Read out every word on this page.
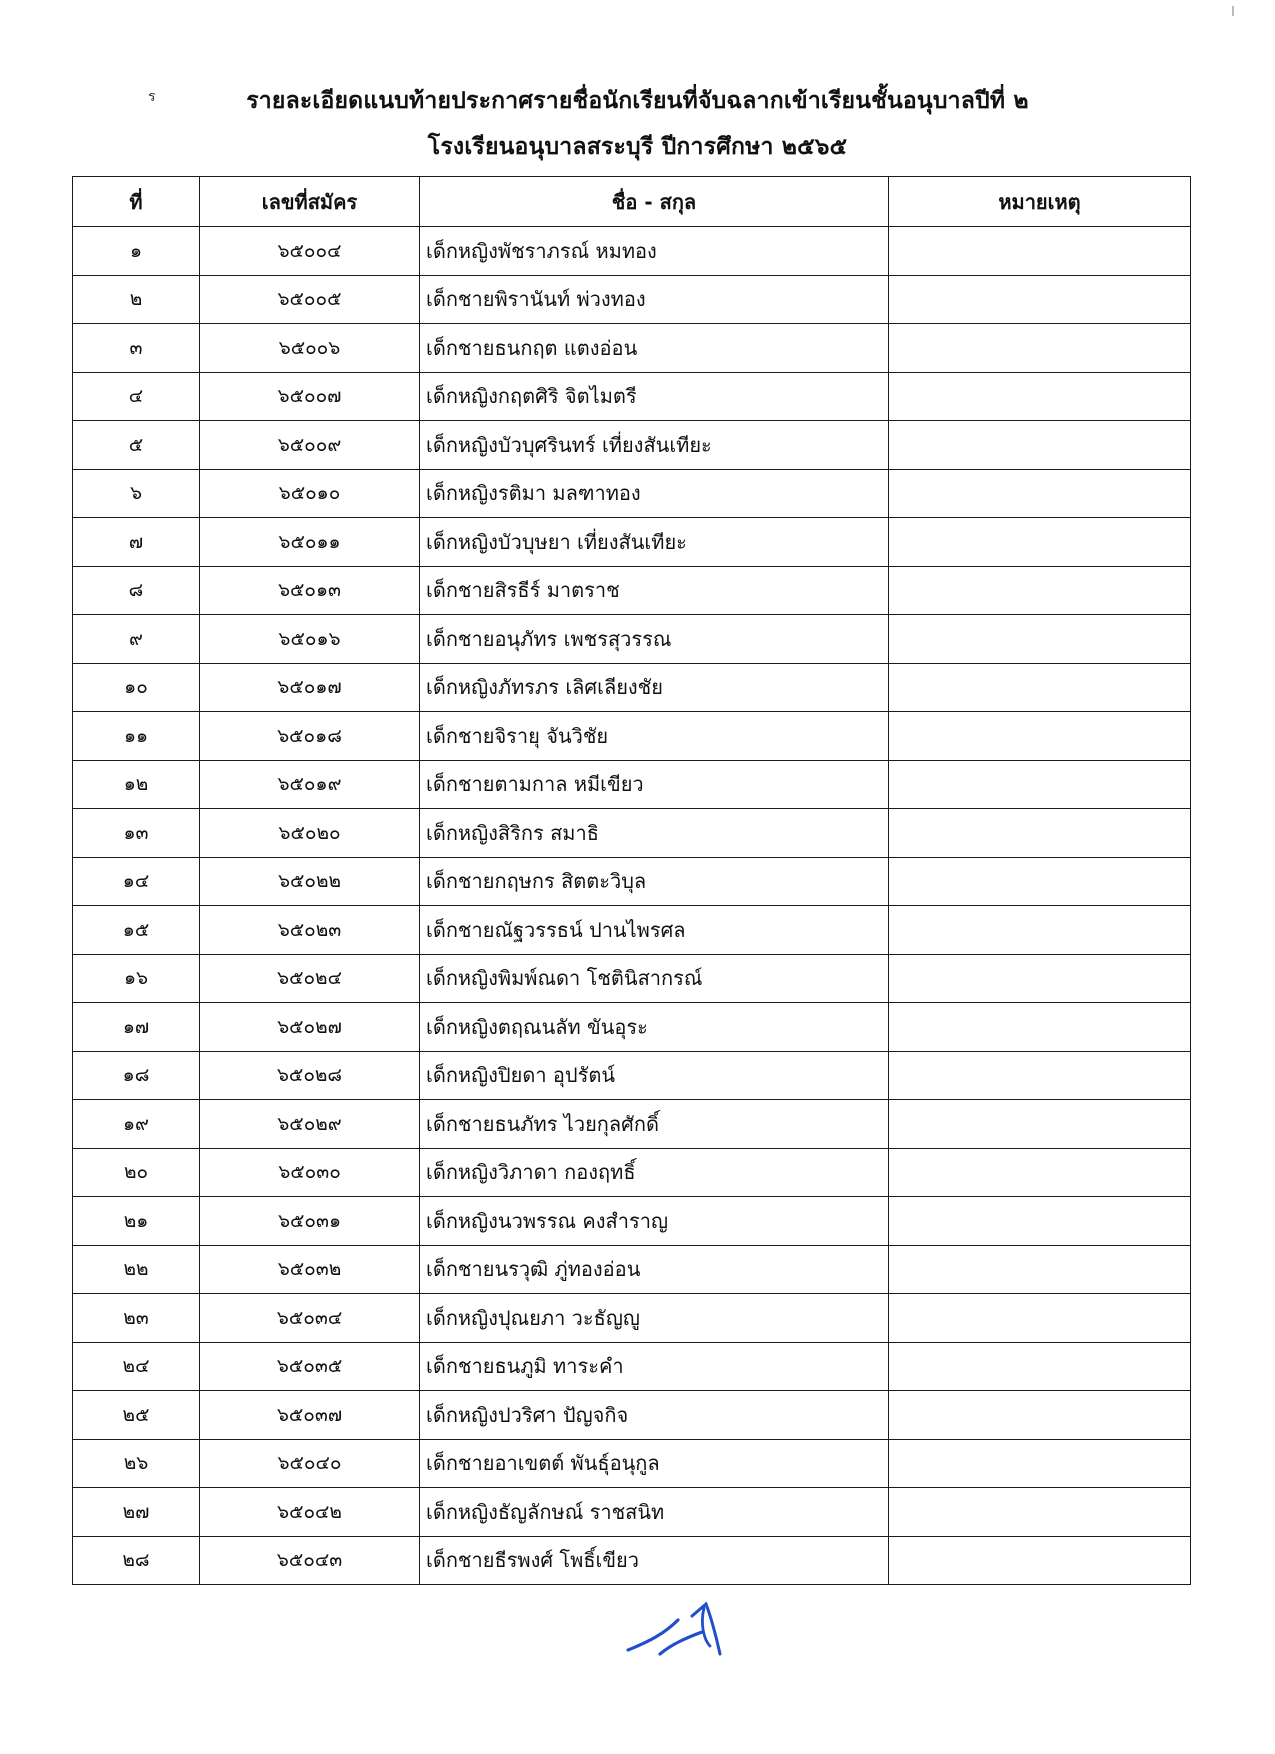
ร	รายละเอียดแนบท้ายประกาศรายชื่อนักเรียนที่จับฉลากเข้าเรียนชั้นอนุบาลปีที่ ๒
โรงเรียนอนุบาลสระบุรี ปีการศึกษา ๒๕๖๕
ที่	เลขที่สมัคร	ชื่อ - สกุล	หมายเหตุ
๑	๖๕๐๐๔	เด็กหญิงพัชราภรณ์ หมทอง	
๒	๖๕๐๐๕	เด็กชายพิรานันท์ พ่วงทอง	
๓	๖๕๐๐๖	เด็กชายธนกฤต แตงอ่อน	
๔	๖๕๐๐๗	เด็กหญิงกฤตศิริ จิตไมตรี	
๕	๖๕๐๐๙	เด็กหญิงบัวบุศรินทร์ เที่ยงสันเทียะ	
๖	๖๕๐๑๐	เด็กหญิงรติมา มลฑาทอง	
๗	๖๕๐๑๑	เด็กหญิงบัวบุษยา เที่ยงสันเทียะ	
๘	๖๕๐๑๓	เด็กชายสิรธีร์ มาตราช	
๙	๖๕๐๑๖	เด็กชายอนุภัทร เพชรสุวรรณ	
๑๐	๖๕๐๑๗	เด็กหญิงภัทรภร เลิศเลียงชัย	
๑๑	๖๕๐๑๘	เด็กชายจิรายุ จันวิชัย	
๑๒	๖๕๐๑๙	เด็กชายตามกาล หมีเขียว	
๑๓	๖๕๐๒๐	เด็กหญิงสิริกร สมาธิ	
๑๔	๖๕๐๒๒	เด็กชายกฤษกร สิตตะวิบุล	
๑๕	๖๕๐๒๓	เด็กชายณัฐวรรธน์ ปานไพรศล	
๑๖	๖๕๐๒๔	เด็กหญิงพิมพ์ณดา โชตินิสากรณ์	
๑๗	๖๕๐๒๗	เด็กหญิงตฤณนลัท ขันอุระ	
๑๘	๖๕๐๒๘	เด็กหญิงปิยดา อุปรัตน์	
๑๙	๖๕๐๒๙	เด็กชายธนภัทร ไวยกุลศักดิ์	
๒๐	๖๕๐๓๐	เด็กหญิงวิภาดา กองฤทธิ์	
๒๑	๖๕๐๓๑	เด็กหญิงนวพรรณ คงสำราญ	
๒๒	๖๕๐๓๒	เด็กชายนรวุฒิ ภู่ทองอ่อน	
๒๓	๖๕๐๓๔	เด็กหญิงปุณยภา วะธัญญู	
๒๔	๖๕๐๓๕	เด็กชายธนภูมิ ทาระคำ	
๒๕	๖๕๐๓๗	เด็กหญิงปวริศา ปัญจกิจ	
๒๖	๖๕๐๔๐	เด็กชายอาเขตต์ พันธุ์อนุกูล	
๒๗	๖๕๐๔๒	เด็กหญิงธัญลักษณ์ ราชสนิท	
๒๘	๖๕๐๔๓	เด็กชายธีรพงศ์ โพธิ์เขียว	
